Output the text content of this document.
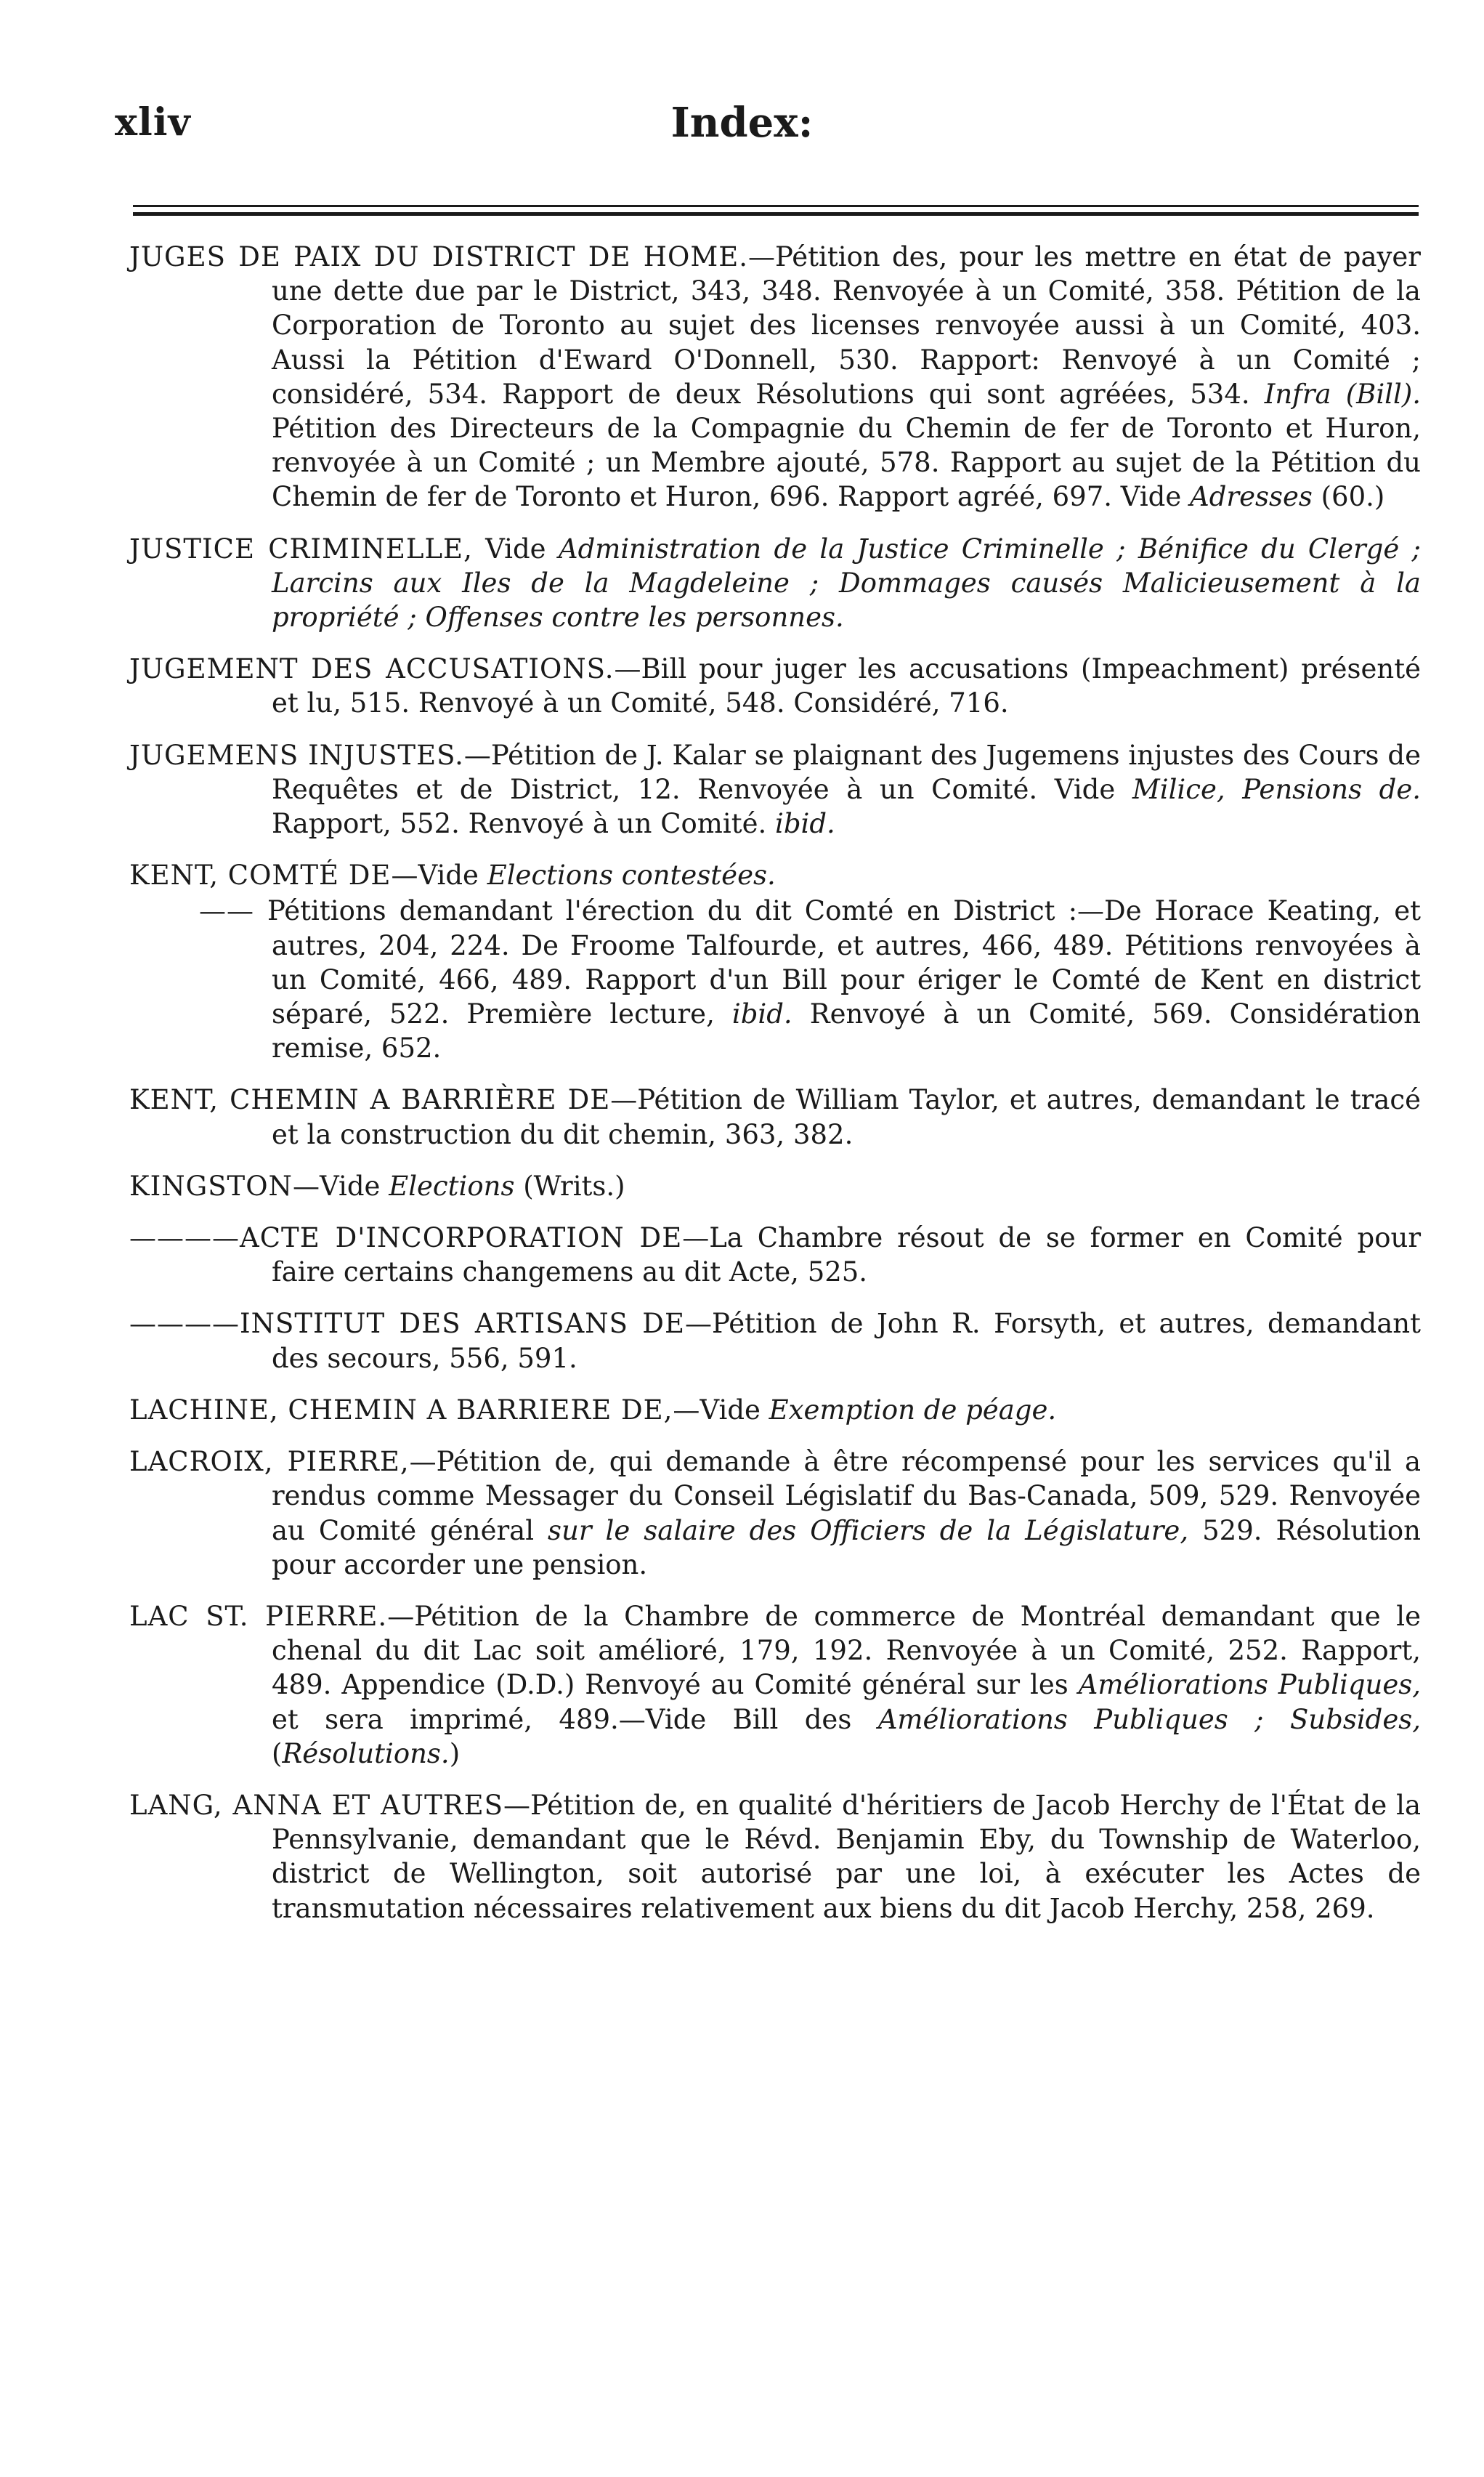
xliv	Index:
JUGES DE PAIX DU DISTRICT DE HOME.—Pétition des, pour les mettre en état de payer une dette due par le District, 343, 348. Renvoyée à un Comité, 358. Pétition de la Corporation de Toronto au sujet des licenses renvoyée aussi à un Comité, 403. Aussi la Pétition d'Eward O'Donnell, 530. Rapport: Renvoyé à un Comité ; considéré, 534. Rapport de deux Résolutions qui sont agréées, 534. Infra (Bill). Pétition des Directeurs de la Compagnie du Chemin de fer de Toronto et Huron, renvoyée à un Comité ; un Membre ajouté, 578. Rapport au sujet de la Pétition du Chemin de fer de Toronto et Huron, 696. Rapport agréé, 697. Vide Adresses (60.)
JUSTICE CRIMINELLE, Vide Administration de la Justice Criminelle ; Bénifice du Clergé ; Larcins aux Iles de la Magdeleine ; Dommages causés Malicieusement à la propriété ; Offenses contre les personnes.
JUGEMENT DES ACCUSATIONS.—Bill pour juger les accusations (Impeachment) présenté et lu, 515. Renvoyé à un Comité, 548. Considéré, 716.
JUGEMENS INJUSTES.—Pétition de J. Kalar se plaignant des Jugemens injustes des Cours de Requêtes et de District, 12. Renvoyée à un Comité. Vide Milice, Pensions de. Rapport, 552. Renvoyé à un Comité. ibid.
KENT, COMTÉ DE—Vide Elections contestées.
—— Pétitions demandant l'érection du dit Comté en District :—De Horace Keating, et autres, 204, 224. De Froome Talfourde, et autres, 466, 489. Pétitions renvoyées à un Comité, 466, 489. Rapport d'un Bill pour ériger le Comté de Kent en district séparé, 522. Première lecture, ibid. Renvoyé à un Comité, 569. Considération remise, 652.
KENT, CHEMIN A BARRIÈRE DE—Pétition de William Taylor, et autres, demandant le tracé et la construction du dit chemin, 363, 382.
KINGSTON—Vide Elections (Writs.)
————ACTE D'INCORPORATION DE—La Chambre résout de se former en Comité pour faire certains changemens au dit Acte, 525.
————INSTITUT DES ARTISANS DE—Pétition de John R. Forsyth, et autres, demandant des secours, 556, 591.
LACHINE, CHEMIN A BARRIERE DE,—Vide Exemption de péage.
LACROIX, PIERRE,—Pétition de, qui demande à être récompensé pour les services qu'il a rendus comme Messager du Conseil Législatif du Bas-Canada, 509, 529. Renvoyée au Comité général sur le salaire des Officiers de la Législature, 529. Résolution pour accorder une pension.
LAC ST. PIERRE.—Pétition de la Chambre de commerce de Montréal demandant que le chenal du dit Lac soit amélioré, 179, 192. Renvoyée à un Comité, 252. Rapport, 489. Appendice (D.D.) Renvoyé au Comité général sur les Améliorations Publiques, et sera imprimé, 489.—Vide Bill des Améliorations Publiques ; Subsides, (Résolutions.)
LANG, ANNA ET AUTRES—Pétition de, en qualité d'héritiers de Jacob Herchy de l'État de la Pennsylvanie, demandant que le Révd. Benjamin Eby, du Township de Waterloo, district de Wellington, soit autorisé par une loi, à exécuter les Actes de transmutation nécessaires relativement aux biens du dit Jacob Herchy, 258, 269.
